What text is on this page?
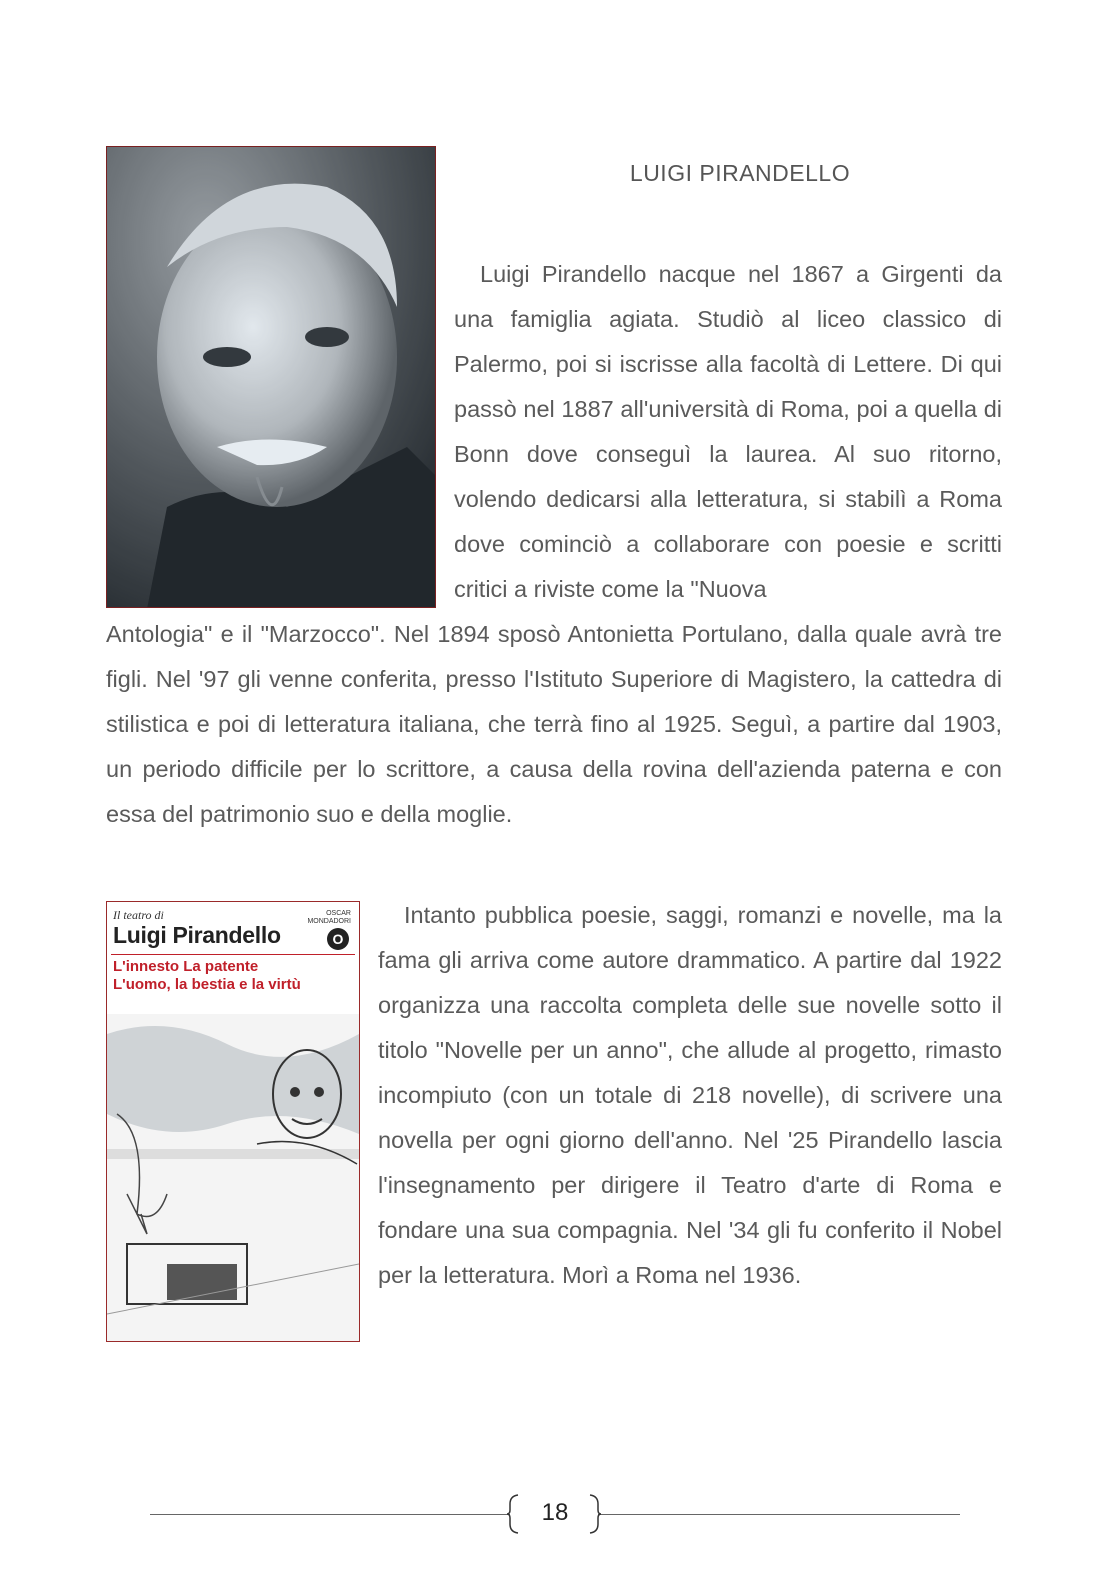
LUIGI PIRANDELLO

Luigi Pirandello nacque nel 1867 a Girgenti da una famiglia agiata. Studiò al liceo classico di Palermo, poi si iscrisse alla facoltà di Lettere. Di qui passò nel 1887 all'università di Roma, poi a quella di Bonn dove conseguì la laurea. Al suo ritorno, volendo dedicarsi alla letteratura, si stabilì a Roma dove cominciò a collaborare con poesie e scritti critici a riviste come la "Nuova

Antologia" e il "Marzocco". Nel 1894 sposò Antonietta Portulano, dalla quale avrà tre figli. Nel '97 gli venne conferita, presso l'Istituto Superiore di Magistero, la cattedra di stilistica e poi di letteratura italiana, che terrà fino al 1925. Seguì, a partire dal 1903, un periodo difficile per lo scrittore, a causa della rovina dell'azienda paterna e con essa del patrimonio suo e della moglie.

Il teatro di	OSCAR
MONDADORI
Luigi Pirandello	O
L'innesto La patente
L'uomo, la bestia e la virtù

Intanto pubblica poesie, saggi, romanzi e novelle, ma la fama gli arriva come autore drammatico. A partire dal 1922 organizza una raccolta completa delle sue novelle sotto il titolo "Novelle per un anno", che allude al progetto, rimasto incompiuto (con un totale di 218 novelle), di scrivere una novella per ogni giorno dell'anno. Nel '25 Pirandello lascia l'insegnamento per dirigere il Teatro d'arte di Roma e fondare una sua compagnia. Nel '34 gli fu conferito il Nobel per la letteratura. Morì a Roma nel 1936.

18
